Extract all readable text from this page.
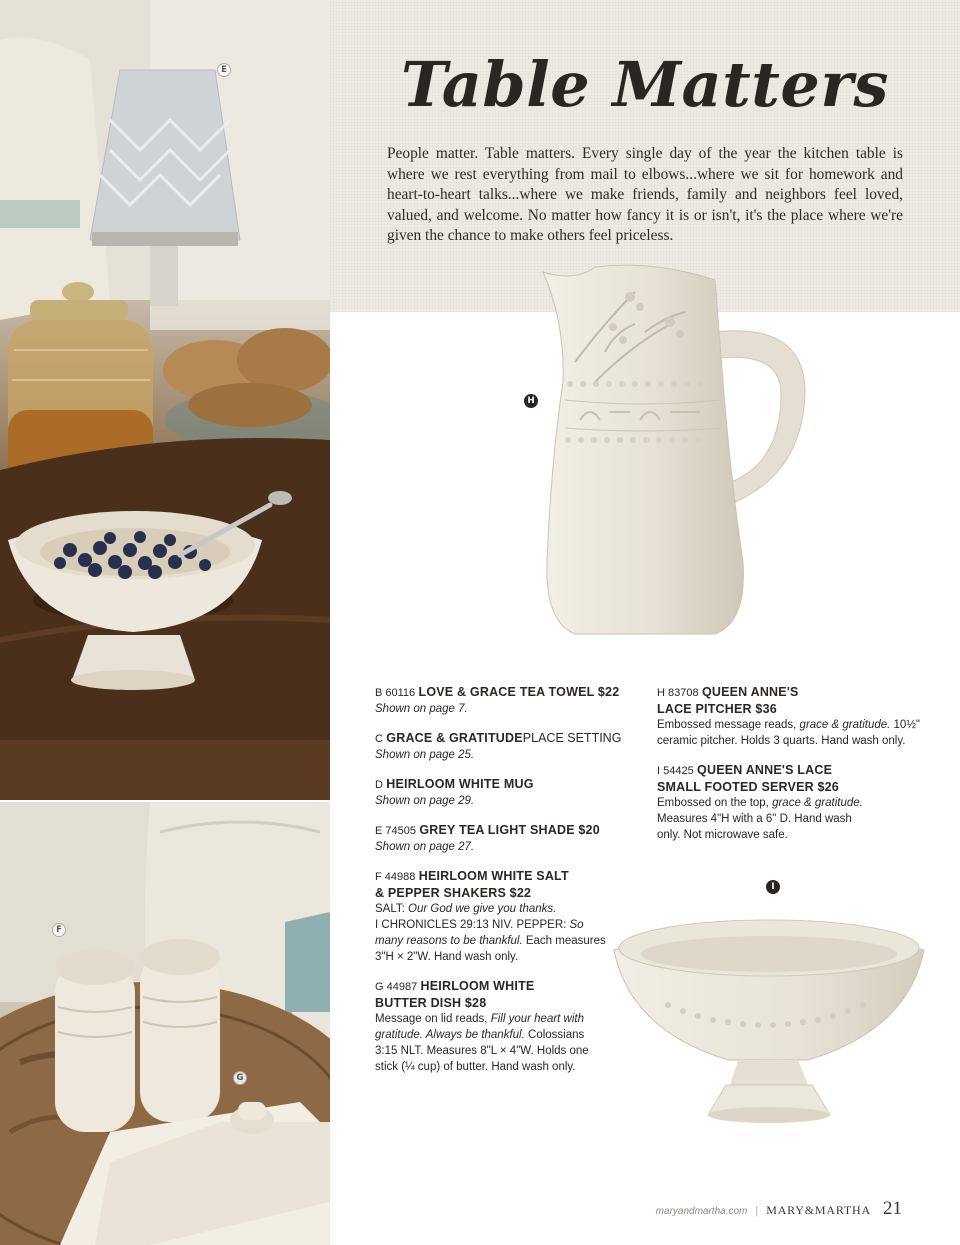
E
F
G
Table Matters

People matter. Table matters. Every single day of the year the kitchen table is where we rest everything from mail to elbows...where we sit for homework and heart-to-heart talks...where we make friends, family and neighbors feel loved, valued, and welcome. No matter how fancy it is or isn't, it's the place where we're given the chance to make others feel priceless.

H
I
B 60116 LOVE & GRACE TEA TOWEL $22
Shown on page 7.
C GRACE & GRATITUDEPLACE SETTING
Shown on page 25.
D HEIRLOOM WHITE MUG
Shown on page 29.
E 74505 GREY TEA LIGHT SHADE $20
Shown on page 27.
F 44988 HEIRLOOM WHITE SALT
& PEPPER SHAKERS $22
SALT: Our God we give you thanks.
I CHRONICLES 29:13 NIV. PEPPER: So many reasons to be thankful. Each measures 3"H × 2"W. Hand wash only.
G 44987 HEIRLOOM WHITE
BUTTER DISH $28
Message on lid reads, Fill your heart with gratitude. Always be thankful. Colossians 3:15 NLT. Measures 8"L × 4"W. Holds one stick (¼ cup) of butter. Hand wash only.
H 83708 QUEEN ANNE'S
LACE PITCHER $36
Embossed message reads, grace & gratitude. 10½" ceramic pitcher. Holds 3 quarts. Hand wash only.
I 54425 QUEEN ANNE'S LACE
SMALL FOOTED SERVER $26
Embossed on the top, grace & gratitude. Measures 4"H with a 6" D. Hand wash only. Not microwave safe.
maryandmartha.com | MARY&MARTHA 21
